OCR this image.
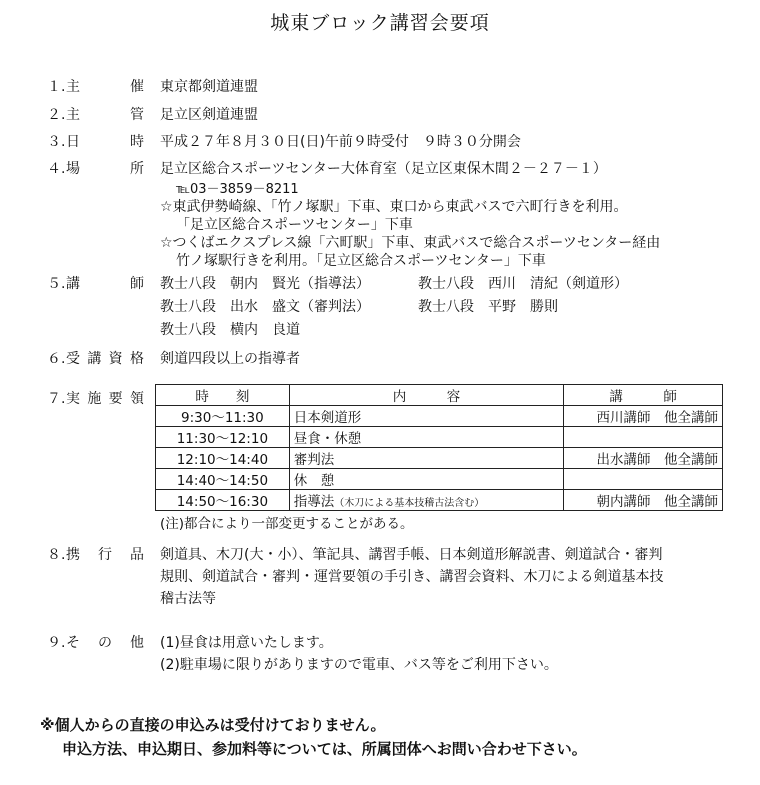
城東ブロック講習会要項
１. 主	催 東京都剣道連盟
２. 主	管 足立区剣道連盟
３. 日	時 平成２７年８月３０日(日)午前９時受付　９時３０分開会
４. 場	所 足立区総合スポーツセンター大体育室（足立区東保木間２－２７－１）
℡03－3859－8211
☆東武伊勢崎線、「竹ノ塚駅」下車、東口から東武バスで六町行きを利用。
「足立区総合スポーツセンター」下車
☆つくばエクスプレス線「六町駅」下車、東武バスで総合スポーツセンター経由
竹ノ塚駅行きを利用。「足立区総合スポーツセンター」下車
５. 講	師 教士八段　朝内　賢光（指導法）
教士八段　出水　盛文（審判法）
教士八段　横内　良道
教士八段　西川　清紀（剣道形）
教士八段　平野　勝則
６. 受 講 資 格 剣道四段以上の指導者
７. 実 施 要 領	時　　刻	内　　　容	講　　　師
9:30～11:30	日本剣道形	西川講師　他全講師
11:30～12:10	昼食・休憩	
12:10～14:40	審判法	出水講師　他全講師
14:40～14:50	休　憩	
14:50～16:30	指導法（木刀による基本技稽古法含む）	朝内講師　他全講師
(注)都合により一部変更することがある。
８. 携 行 品 剣道具、木刀(大・小）、筆記具、講習手帳、日本剣道形解説書、剣道試合・審判
規則、剣道試合・審判・運営要領の手引き、講習会資料、木刀による剣道基本技
稽古法等
９. そ の 他 (1)昼食は用意いたします。
(2)駐車場に限りがありますので電車、バス等をご利用下さい。
※個人からの直接の申込みは受付けておりません。
申込方法、申込期日、参加料等については、所属団体へお問い合わせ下さい。
